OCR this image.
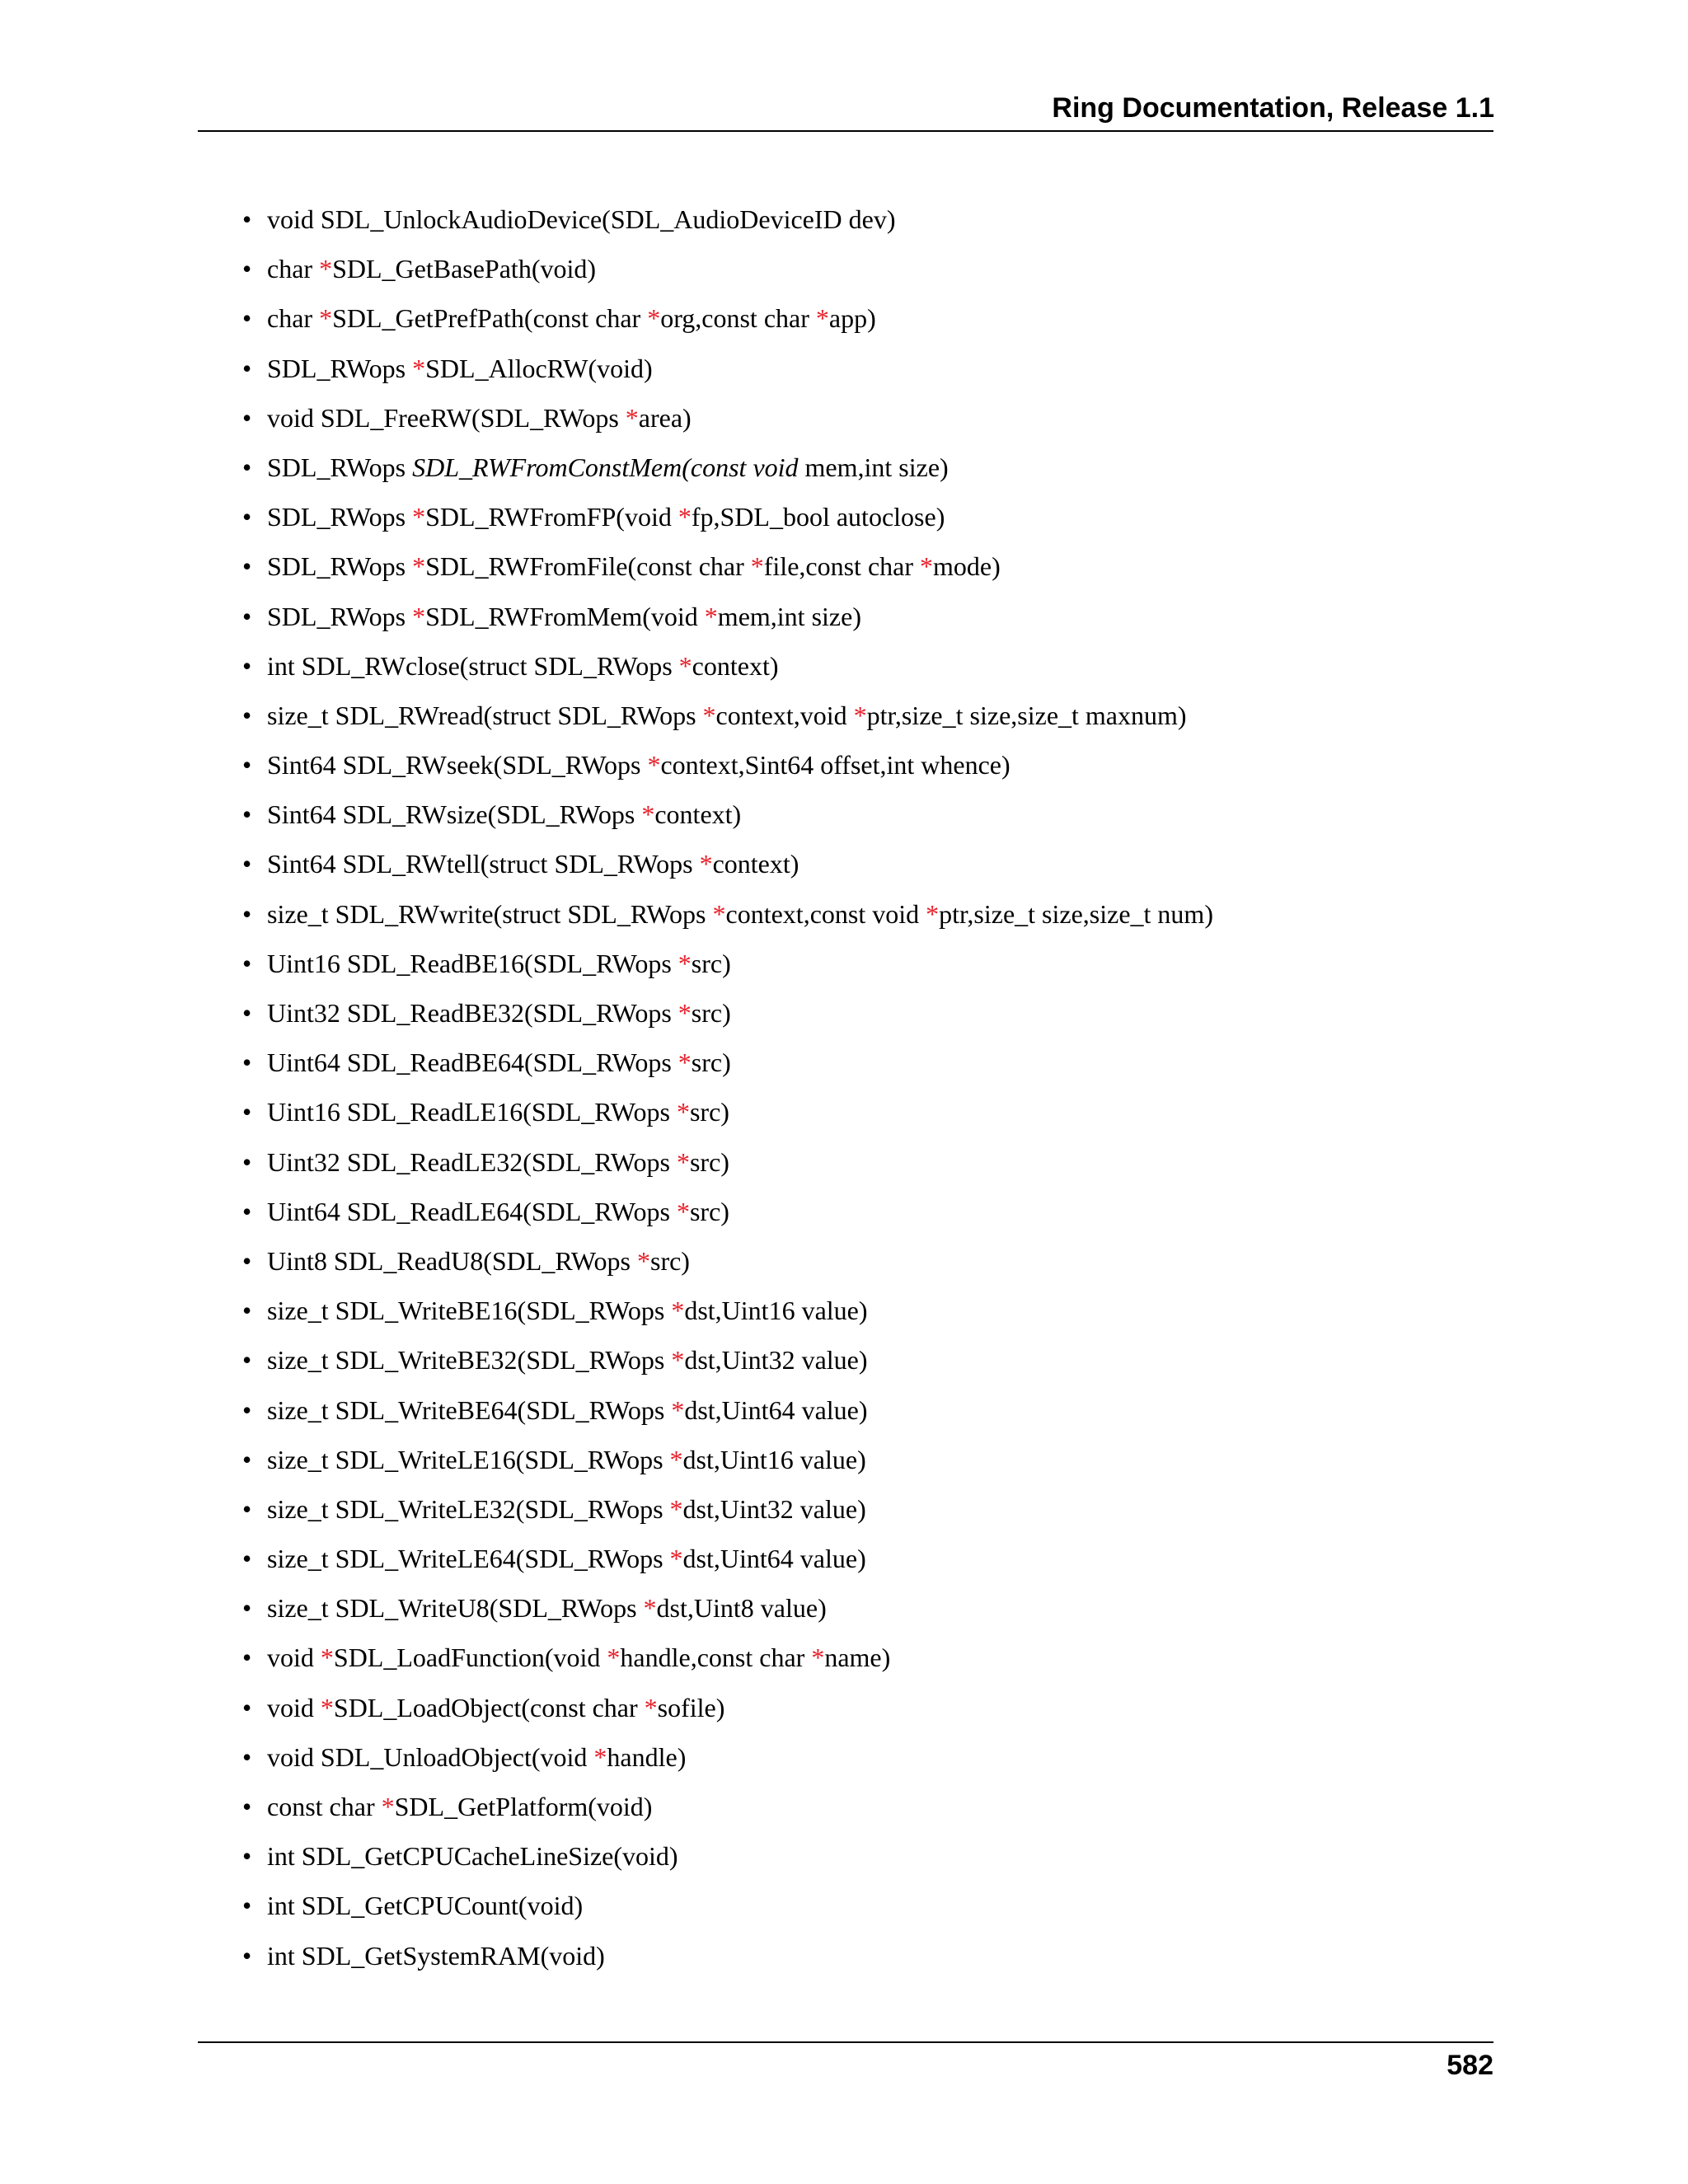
Ring Documentation, Release 1.1
• void SDL_UnlockAudioDevice(SDL_AudioDeviceID dev)
• char *SDL_GetBasePath(void)
• char *SDL_GetPrefPath(const char *org,const char *app)
• SDL_RWops *SDL_AllocRW(void)
• void SDL_FreeRW(SDL_RWops *area)
• SDL_RWops SDL_RWFromConstMem(const void mem,int size)
• SDL_RWops *SDL_RWFromFP(void *fp,SDL_bool autoclose)
• SDL_RWops *SDL_RWFromFile(const char *file,const char *mode)
• SDL_RWops *SDL_RWFromMem(void *mem,int size)
• int SDL_RWclose(struct SDL_RWops *context)
• size_t SDL_RWread(struct SDL_RWops *context,void *ptr,size_t size,size_t maxnum)
• Sint64 SDL_RWseek(SDL_RWops *context,Sint64 offset,int whence)
• Sint64 SDL_RWsize(SDL_RWops *context)
• Sint64 SDL_RWtell(struct SDL_RWops *context)
• size_t SDL_RWwrite(struct SDL_RWops *context,const void *ptr,size_t size,size_t num)
• Uint16 SDL_ReadBE16(SDL_RWops *src)
• Uint32 SDL_ReadBE32(SDL_RWops *src)
• Uint64 SDL_ReadBE64(SDL_RWops *src)
• Uint16 SDL_ReadLE16(SDL_RWops *src)
• Uint32 SDL_ReadLE32(SDL_RWops *src)
• Uint64 SDL_ReadLE64(SDL_RWops *src)
• Uint8 SDL_ReadU8(SDL_RWops *src)
• size_t SDL_WriteBE16(SDL_RWops *dst,Uint16 value)
• size_t SDL_WriteBE32(SDL_RWops *dst,Uint32 value)
• size_t SDL_WriteBE64(SDL_RWops *dst,Uint64 value)
• size_t SDL_WriteLE16(SDL_RWops *dst,Uint16 value)
• size_t SDL_WriteLE32(SDL_RWops *dst,Uint32 value)
• size_t SDL_WriteLE64(SDL_RWops *dst,Uint64 value)
• size_t SDL_WriteU8(SDL_RWops *dst,Uint8 value)
• void *SDL_LoadFunction(void *handle,const char *name)
• void *SDL_LoadObject(const char *sofile)
• void SDL_UnloadObject(void *handle)
• const char *SDL_GetPlatform(void)
• int SDL_GetCPUCacheLineSize(void)
• int SDL_GetCPUCount(void)
• int SDL_GetSystemRAM(void)
582
